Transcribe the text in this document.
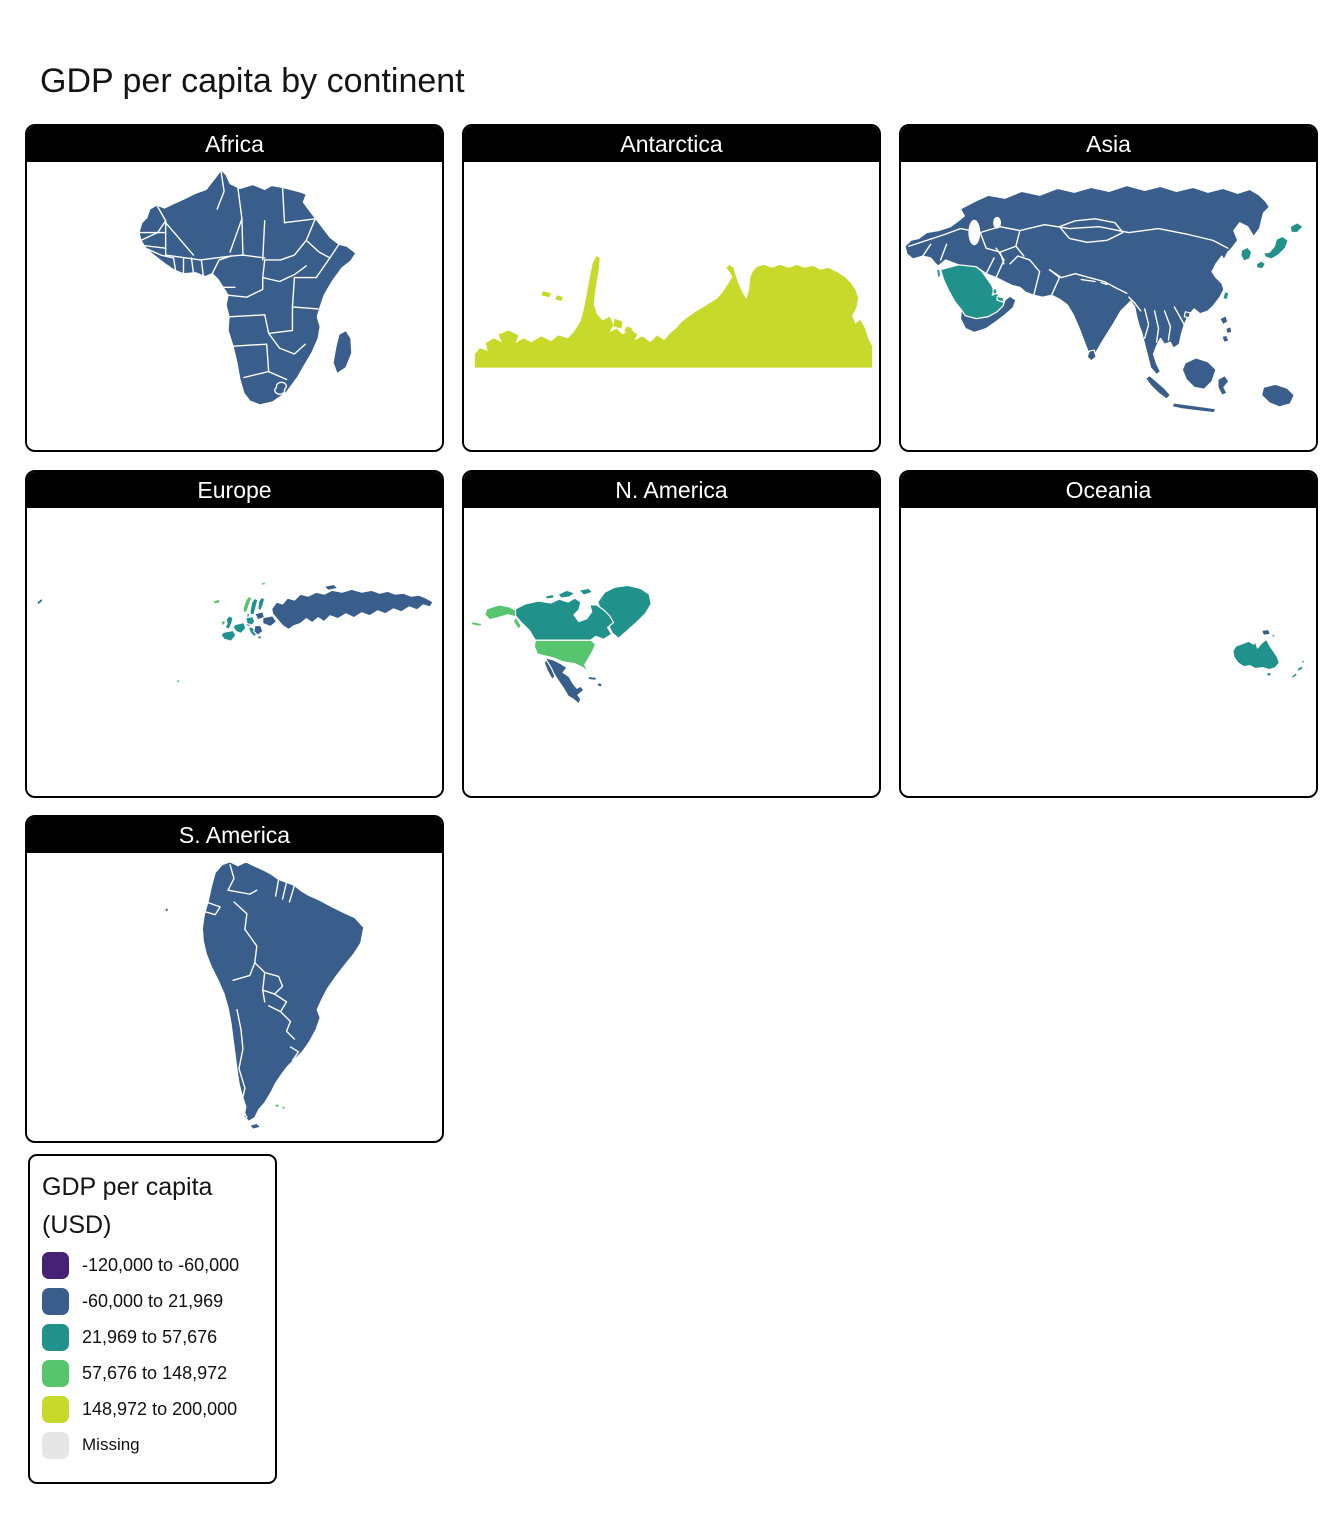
GDP per capita by continent
Africa	Antarctica	Asia
Europe	N. America	Oceania
S. America
GDP per capita
(USD)
-120,000 to -60,000
-60,000 to 21,969
21,969 to 57,676
57,676 to 148,972
148,972 to 200,000
Missing
